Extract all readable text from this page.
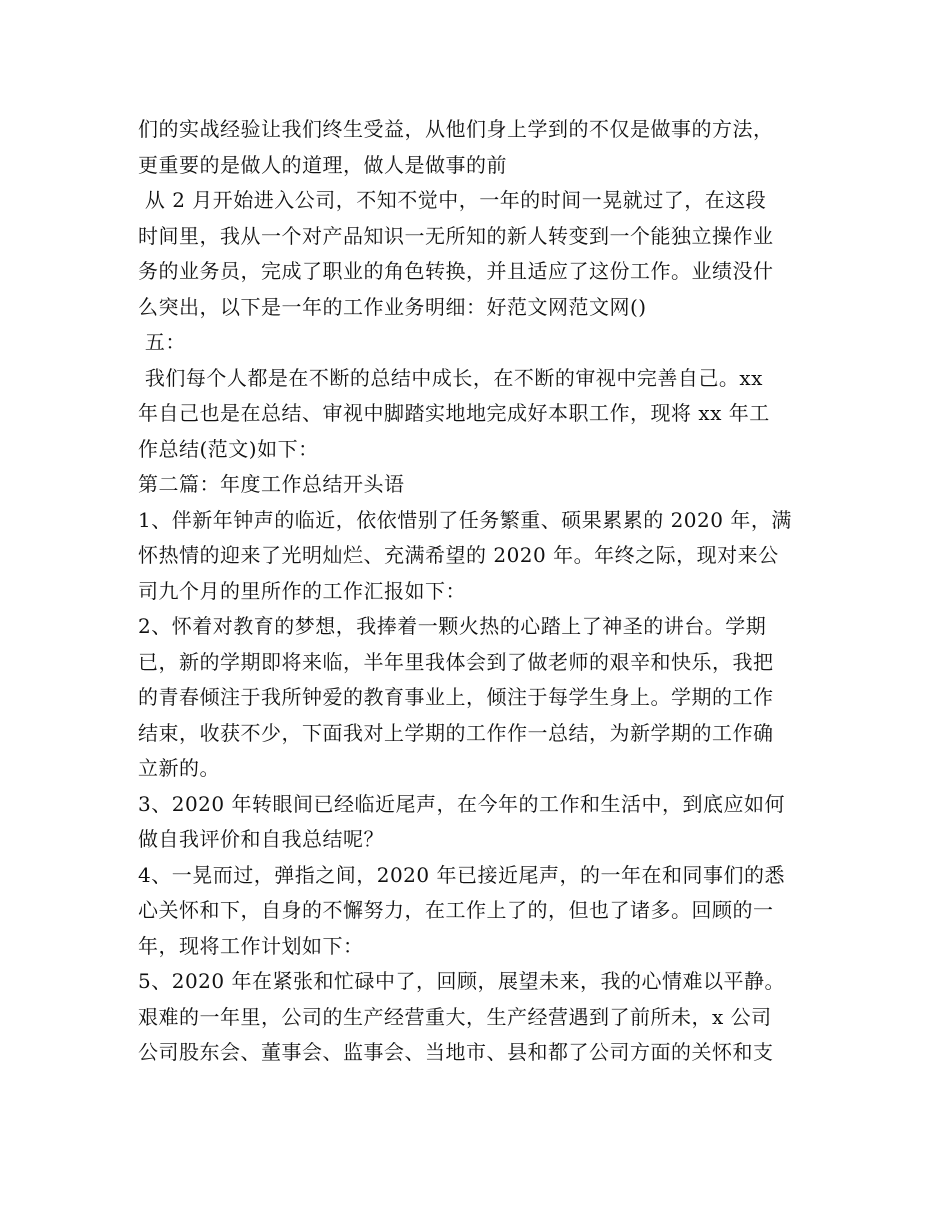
们的实战经验让我们终生受益，从他们身上学到的不仅是做事的方法，
更重要的是做人的道理，做人是做事的前
从 2 月开始进入公司，不知不觉中，一年的时间一晃就过了，在这段
时间里，我从一个对产品知识一无所知的新人转变到一个能独立操作业
务的业务员，完成了职业的角色转换，并且适应了这份工作。业绩没什
么突出，以下是一年的工作业务明细：好范文网范文网()
五：
我们每个人都是在不断的总结中成长，在不断的审视中完善自己。xx
年自己也是在总结、审视中脚踏实地地完成好本职工作，现将 xx 年工
作总结(范文)如下：
第二篇：年度工作总结开头语
1、伴新年钟声的临近，依依惜别了任务繁重、硕果累累的 2020 年，满
怀热情的迎来了光明灿烂、充满希望的 2020 年。年终之际，现对来公
司九个月的里所作的工作汇报如下：
2、怀着对教育的梦想，我捧着一颗火热的心踏上了神圣的讲台。学期
已，新的学期即将来临，半年里我体会到了做老师的艰辛和快乐，我把
的青春倾注于我所钟爱的教育事业上，倾注于每学生身上。学期的工作
结束，收获不少，下面我对上学期的工作作一总结，为新学期的工作确
立新的。
3、2020 年转眼间已经临近尾声，在今年的工作和生活中，到底应如何
做自我评价和自我总结呢？
4、一晃而过，弹指之间，2020 年已接近尾声，的一年在和同事们的悉
心关怀和下，自身的不懈努力，在工作上了的，但也了诸多。回顾的一
年，现将工作计划如下：
5、2020 年在紧张和忙碌中了，回顾，展望未来，我的心情难以平静。
艰难的一年里，公司的生产经营重大，生产经营遇到了前所未，x 公司
公司股东会、董事会、监事会、当地市、县和都了公司方面的关怀和支
